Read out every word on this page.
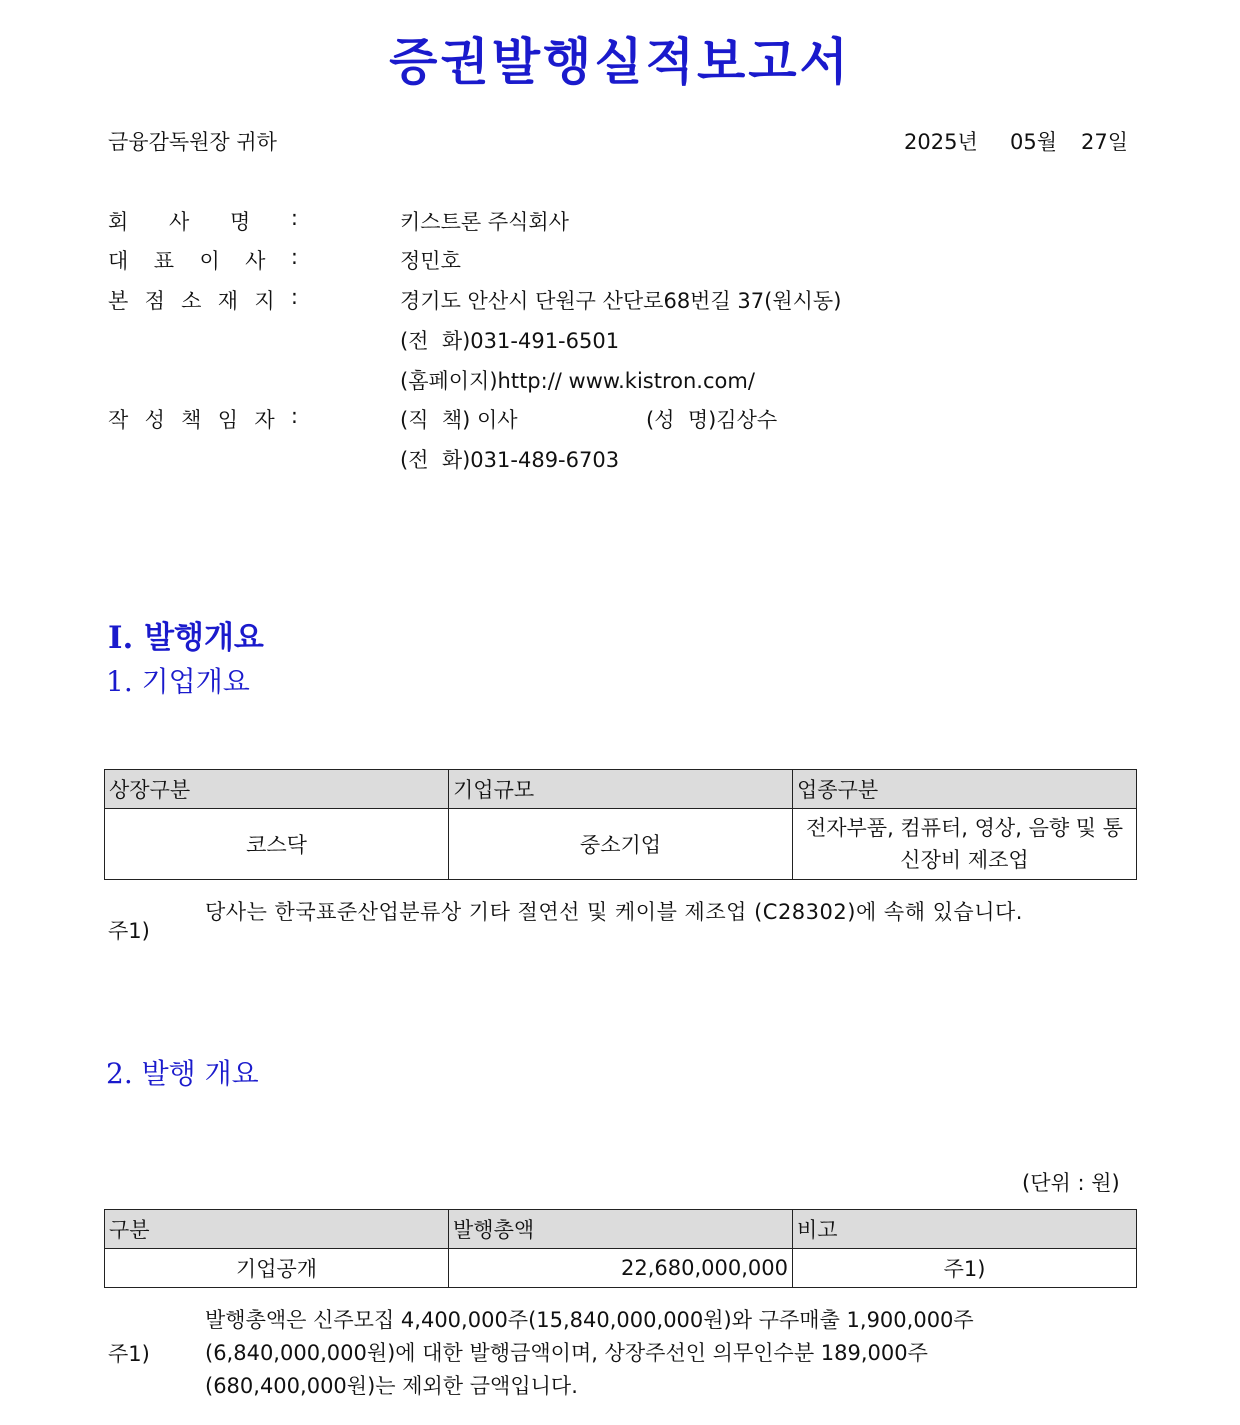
증권발행실적보고서
금융감독원장 귀하	2025년 05월 27일
회 사 명 :	키스트론 주식회사
대 표 이 사 :	정민호
본 점 소 재 지 :	경기도 안산시 단원구 산단로68번길 37(원시동)
(전  화)031-491-6501
(홈페이지)http:// www.kistron.com/
작 성 책 임 자 :	(직  책) 이사	(성  명)김상수
(전  화)031-489-6703
Ⅰ. 발행개요
1. 기업개요
상장구분	기업규모	업종구분
코스닥	중소기업	전자부품, 컴퓨터, 영상, 음향 및 통신장비 제조업
주1)
당사는 한국표준산업분류상 기타 절연선 및 케이블 제조업 (C28302)에 속해 있습니다.
2. 발행 개요
(단위 : 원)
구분	발행총액	비고
기업공개	22,680,000,000	주1)
주1)
발행총액은 신주모집 4,400,000주(15,840,000,000원)와 구주매출 1,900,000주
(6,840,000,000원)에 대한 발행금액이며, 상장주선인 의무인수분 189,000주
(680,400,000원)는 제외한 금액입니다.
